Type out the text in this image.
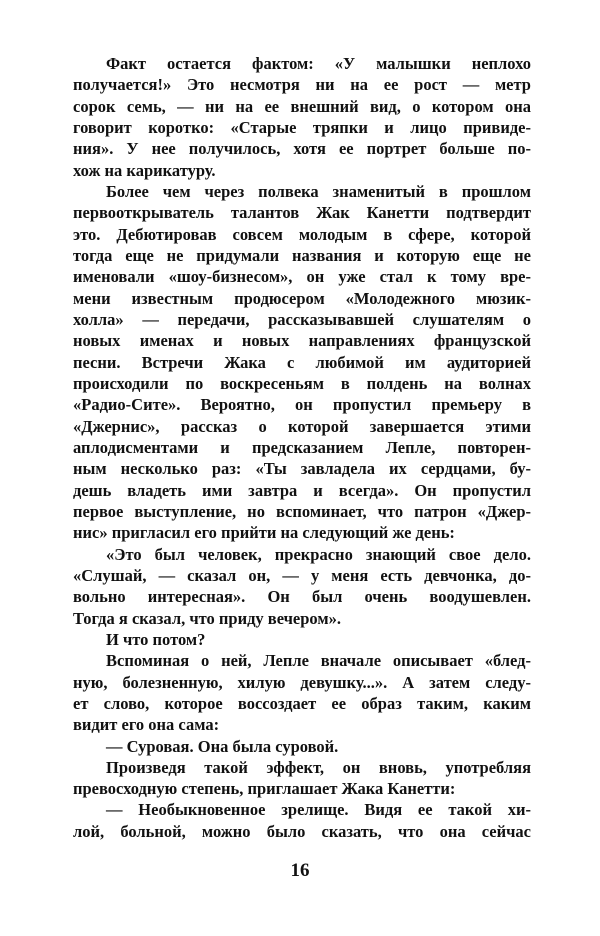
Факт остается фактом: «У малышки неплохо
получается!» Это несмотря ни на ее рост — метр
сорок семь, — ни на ее внешний вид, о котором она
говорит коротко: «Старые тряпки и лицо привиде-
ния». У нее получилось, хотя ее портрет больше по-
хож на карикатуру.
Более чем через полвека знаменитый в прошлом
первооткрыватель талантов Жак Канетти подтвердит
это. Дебютировав совсем молодым в сфере, которой
тогда еще не придумали названия и которую еще не
именовали «шоу-бизнесом», он уже стал к тому вре-
мени известным продюсером «Молодежного мюзик-
холла» — передачи, рассказывавшей слушателям о
новых именах и новых направлениях французской
песни. Встречи Жака с любимой им аудиторией
происходили по воскресеньям в полдень на волнах
«Радио-Сите». Вероятно, он пропустил премьеру в
«Джернис», рассказ о которой завершается этими
аплодисментами и предсказанием Лепле, повторен-
ным несколько раз: «Ты завладела их сердцами, бу-
дешь владеть ими завтра и всегда». Он пропустил
первое выступление, но вспоминает, что патрон «Джер-
нис» пригласил его прийти на следующий же день:
«Это был человек, прекрасно знающий свое дело.
«Слушай, — сказал он, — у меня есть девчонка, до-
вольно интересная». Он был очень воодушевлен.
Тогда я сказал, что приду вечером».
И что потом?
Вспоминая о ней, Лепле вначале описывает «блед-
ную, болезненную, хилую девушку...». А затем следу-
ет слово, которое воссоздает ее образ таким, каким
видит его она сама:
— Суровая. Она была суровой.
Произведя такой эффект, он вновь, употребляя
превосходную степень, приглашает Жака Канетти:
— Необыкновенное зрелище. Видя ее такой хи-
лой, больной, можно было сказать, что она сейчас
16
